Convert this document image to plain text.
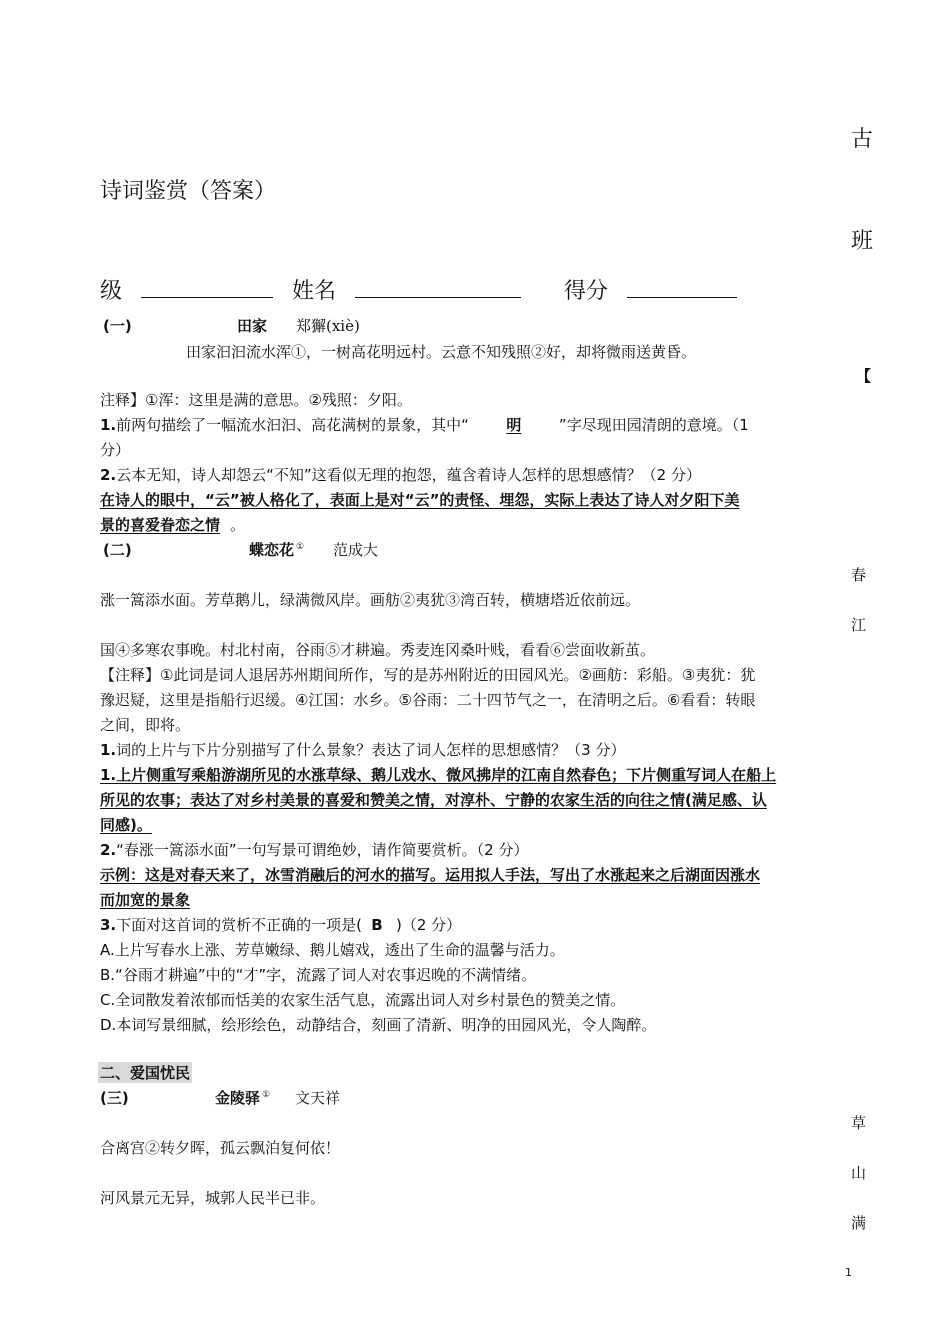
古
诗词鉴赏（答案）
班
级	姓名	得分
(一)	田家 郑獬(xiè)
田家汩汩流水浑①，一树高花明远村。云意不知残照②好，却将微雨送黄昏。
【
注释】①浑：这里是满的意思。②残照：夕阳。
1.前两句描绘了一幅流水汩汩、高花满树的景象，其中“ 明	”字尽现田园清朗的意境。（1
分）
2.云本无知，诗人却怨云“不知”这看似无理的抱怨，蕴含着诗人怎样的思想感情？（2 分）
在诗人的眼中，“云”被人格化了，表面上是对“云”的责怪、埋怨，实际上表达了诗人对夕阳下美
景的喜爱眷恋之情 。
(二)	蝶恋花 ① 范成大
春
涨一篙添水面。芳草鹅儿，绿满微风岸。画舫②夷犹③湾百转，横塘塔近依前远。
江
国④多寒农事晚。村北村南，谷雨⑤才耕遍。秀麦连冈桑叶贱，看看⑥尝面收新茧。
【注释】①此词是词人退居苏州期间所作，写的是苏州附近的田园风光。②画舫：彩船。③夷犹：犹
豫迟疑，这里是指船行迟缓。④江国：水乡。⑤谷雨：二十四节气之一，在清明之后。⑥看看：转眼
之间，即将。
1.词的上片与下片分别描写了什么景象？表达了词人怎样的思想感情？（3 分）
1.上片侧重写乘船游湖所见的水涨草绿、鹅儿戏水、微风拂岸的江南自然春色；下片侧重写词人在船上
所见的农事；表达了对乡村美景的喜爱和赞美之情，对淳朴、宁静的农家生活的向往之情(满足感、认
同感)。
2.“春涨一篙添水面”一句写景可谓绝妙，请作简要赏析。（2 分）
示例：这是对春天来了，冰雪消融后的河水的描写。运用拟人手法，写出了水涨起来之后湖面因涨水
而加宽的景象
3.下面对这首词的赏析不正确的一项是( B )（2 分）
A.上片写春水上涨、芳草嫩绿、鹅儿嬉戏，透出了生命的温馨与活力。
B.“谷雨才耕遍”中的“才”字，流露了词人对农事迟晚的不满情绪。
C.全词散发着浓郁而恬美的农家生活气息，流露出词人对乡村景色的赞美之情。
D.本词写景细腻，绘形绘色，动静结合，刻画了清新、明净的田园风光，令人陶醉。
二、爱国忧民
(三)	金陵驿 ① 文天祥
草
合离宫②转夕晖，孤云飘泊复何依！
山
河风景元无异，城郭人民半已非。
满
1
